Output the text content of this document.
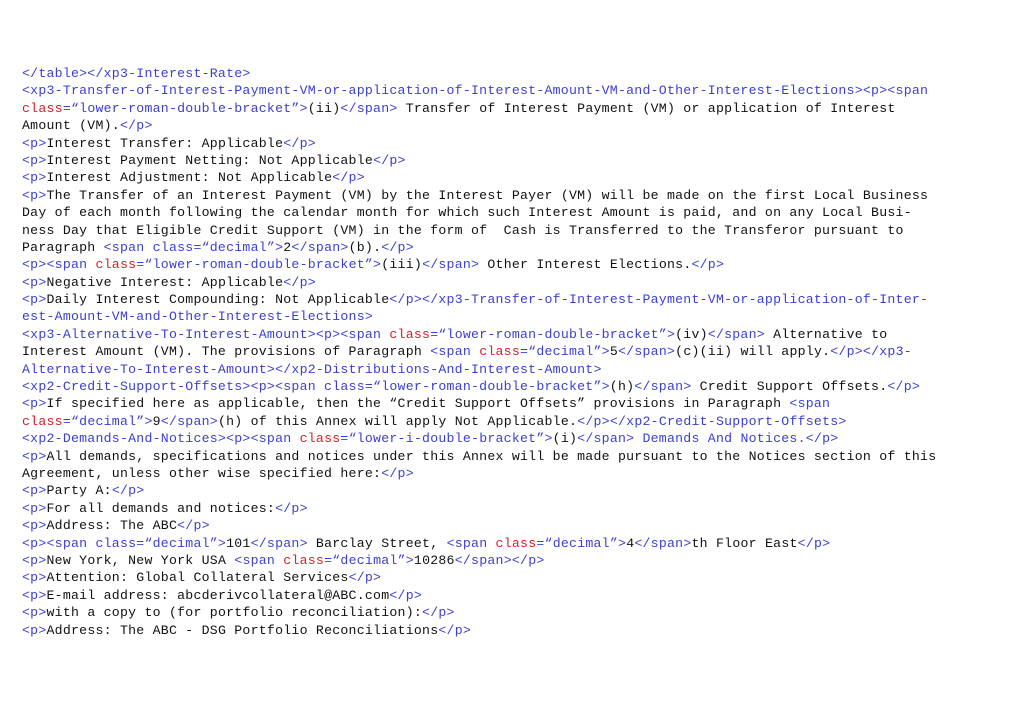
</table></xp3-Interest-Rate>
<xp3-Transfer-of-Interest-Payment-VM-or-application-of-Interest-Amount-VM-and-Other-Interest-Elections><p><span
class=“lower-roman-double-bracket”>(ii)</span> Transfer of Interest Payment (VM) or application of Interest
Amount (VM).</p>
<p>Interest Transfer: Applicable</p>
<p>Interest Payment Netting: Not Applicable</p>
<p>Interest Adjustment: Not Applicable</p>
<p>The Transfer of an Interest Payment (VM) by the Interest Payer (VM) will be made on the first Local Business
Day of each month following the calendar month for which such Interest Amount is paid, and on any Local Busi-
ness Day that Eligible Credit Support (VM) in the form of  Cash is Transferred to the Transferor pursuant to
Paragraph <span class=“decimal”>2</span>(b).</p>
<p><span class=“lower-roman-double-bracket”>(iii)</span> Other Interest Elections.</p>
<p>Negative Interest: Applicable</p>
<p>Daily Interest Compounding: Not Applicable</p></xp3-Transfer-of-Interest-Payment-VM-or-application-of-Inter-
est-Amount-VM-and-Other-Interest-Elections>
<xp3-Alternative-To-Interest-Amount><p><span class=“lower-roman-double-bracket”>(iv)</span> Alternative to
Interest Amount (VM). The provisions of Paragraph <span class=“decimal”>5</span>(c)(ii) will apply.</p></xp3-
Alternative-To-Interest-Amount></xp2-Distributions-And-Interest-Amount>
<xp2-Credit-Support-Offsets><p><span class=“lower-roman-double-bracket”>(h)</span> Credit Support Offsets.</p>
<p>If specified here as applicable, then the “Credit Support Offsets” provisions in Paragraph <span
class=“decimal”>9</span>(h) of this Annex will apply Not Applicable.</p></xp2-Credit-Support-Offsets>
<xp2-Demands-And-Notices><p><span class=“lower-i-double-bracket”>(i)</span> Demands And Notices.</p>
<p>All demands, specifications and notices under this Annex will be made pursuant to the Notices section of this
Agreement, unless other wise specified here:</p>
<p>Party A:</p>
<p>For all demands and notices:</p>
<p>Address: The ABC</p>
<p><span class=“decimal”>101</span> Barclay Street, <span class=“decimal”>4</span>th Floor East</p>
<p>New York, New York USA <span class=“decimal”>10286</span></p>
<p>Attention: Global Collateral Services</p>
<p>E-mail address: abcderivcollateral@ABC.com</p>
<p>with a copy to (for portfolio reconciliation):</p>
<p>Address: The ABC - DSG Portfolio Reconciliations</p>
